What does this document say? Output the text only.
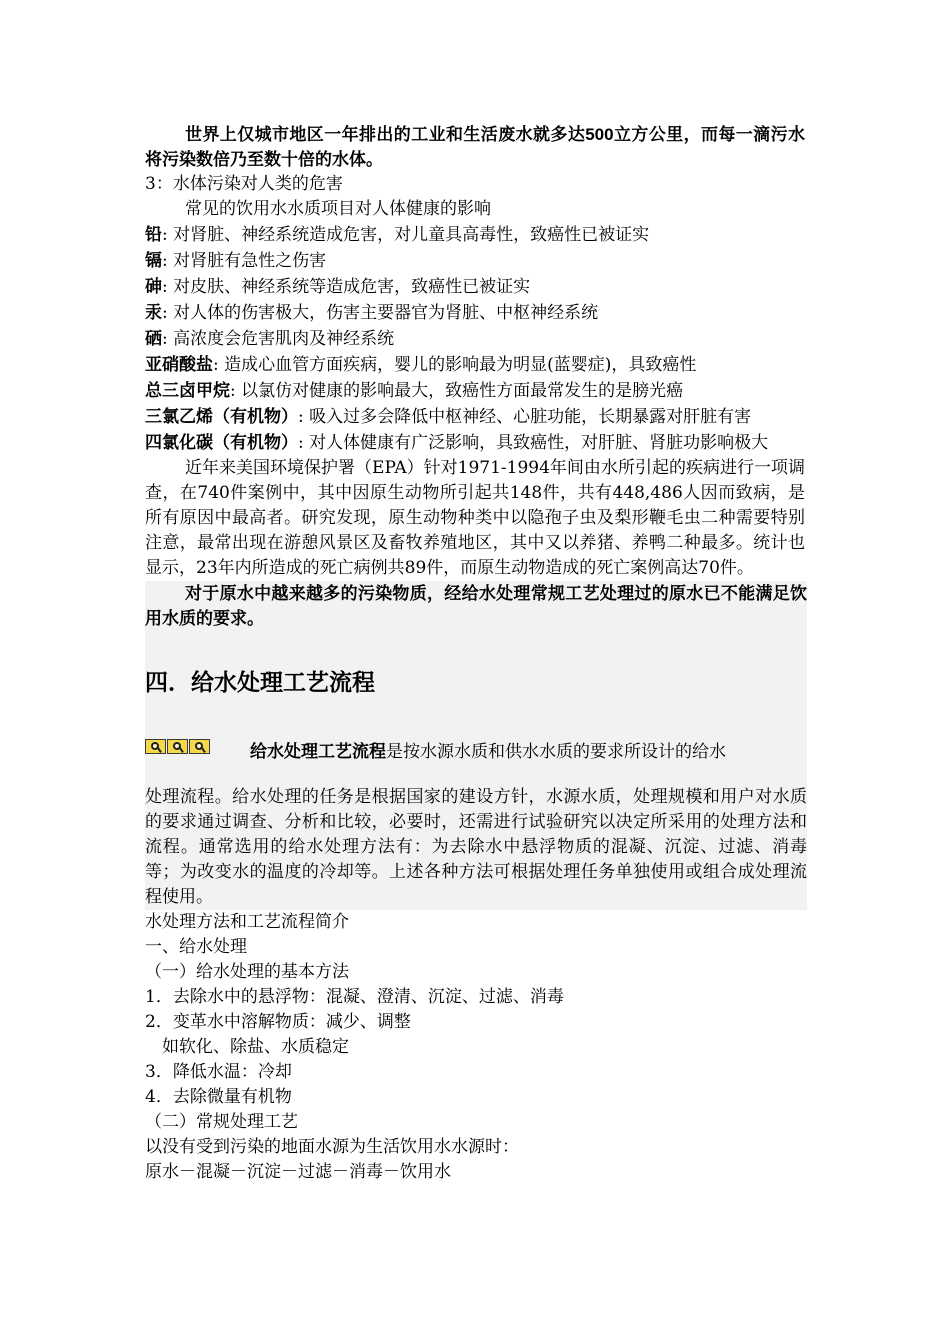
世界上仅城市地区一年排出的工业和生活废水就多达500立方公里，而每一滴污水将污染数倍乃至数十倍的水体。

3：水体污染对人类的危害

常见的饮用水水质项目对人体健康的影响

铅: 对肾脏、神经系统造成危害，对儿童具高毒性，致癌性已被证实

镉: 对肾脏有急性之伤害

砷: 对皮肤、神经系统等造成危害，致癌性已被证实

汞: 对人体的伤害极大，伤害主要器官为肾脏、中枢神经系统

硒: 高浓度会危害肌肉及神经系统

亚硝酸盐: 造成心血管方面疾病，婴儿的影响最为明显(蓝婴症)，具致癌性

总三卤甲烷: 以氯仿对健康的影响最大，致癌性方面最常发生的是膀光癌

三氯乙烯（有机物）: 吸入过多会降低中枢神经、心脏功能，长期暴露对肝脏有害

四氯化碳（有机物）: 对人体健康有广泛影响，具致癌性，对肝脏、肾脏功影响极大

近年来美国环境保护署（EPA）针对1971-1994年间由水所引起的疾病进行一项调查，在740件案例中，其中因原生动物所引起共148件，共有448,486人因而致病，是所有原因中最高者。研究发现，原生动物种类中以隐孢子虫及梨形鞭毛虫二种需要特别注意，最常出现在游憩风景区及畜牧养殖地区，其中又以养猪、养鸭二种最多。统计也显示，23年内所造成的死亡病例共89件，而原生动物造成的死亡案例高达70件。

对于原水中越来越多的污染物质，经给水处理常规工艺处理过的原水已不能满足饮用水质的要求。

四．给水处理工艺流程
给水处理工艺流程是按水源水质和供水水质的要求所设计的给水

处理流程。给水处理的任务是根据国家的建设方针，水源水质，处理规模和用户对水质的要求通过调查、分析和比较，必要时，还需进行试验研究以决定所采用的处理方法和流程。通常选用的给水处理方法有：为去除水中悬浮物质的混凝、沉淀、过滤、消毒等；为改变水的温度的冷却等。上述各种方法可根据处理任务单独使用或组合成处理流程使用。

水处理方法和工艺流程简介

一、给水处理

（一）给水处理的基本方法

1．去除水中的悬浮物：混凝、澄清、沉淀、过滤、消毒

2．变革水中溶解物质：减少、调整

　如软化、除盐、水质稳定

3．降低水温：冷却

4．去除微量有机物

（二）常规处理工艺

以没有受到污染的地面水源为生活饮用水水源时：

原水－混凝－沉淀－过滤－消毒－饮用水
